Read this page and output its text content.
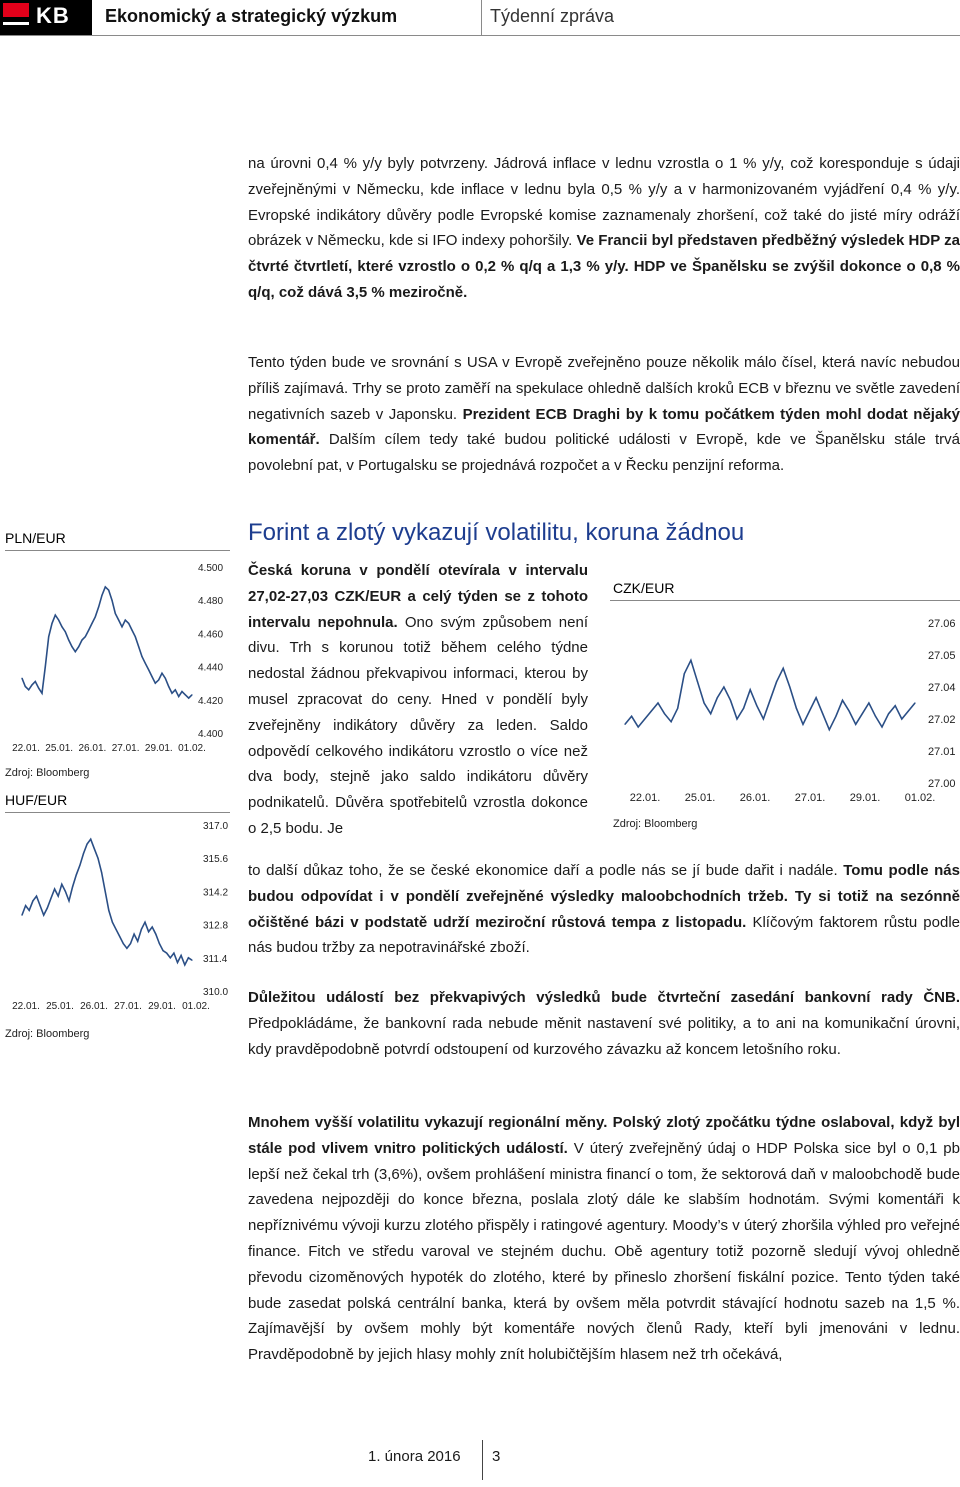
KB Ekonomický a strategický výzkum	Týdenní zpráva
na úrovni 0,4 % y/y byly potvrzeny. Jádrová inflace v lednu vzrostla o 1 % y/y, což koresponduje s údaji zveřejněnými v Německu, kde inflace v lednu byla 0,5 % y/y a v harmonizovaném vyjádření 0,4 % y/y. Evropské indikátory důvěry podle Evropské komise zaznamenaly zhoršení, což také do jisté míry odráží obrázek v Německu, kde si IFO indexy pohoršily. Ve Francii byl představen předběžný výsledek HDP za čtvrté čtvrtletí, které vzrostlo o 0,2 % q/q a 1,3 % y/y. HDP ve Španělsku se zvýšil dokonce o 0,8 % q/q, což dává 3,5 % meziročně.
Tento týden bude ve srovnání s USA v Evropě zveřejněno pouze několik málo čísel, která navíc nebudou příliš zajímavá. Trhy se proto zaměří na spekulace ohledně dalších kroků ECB v březnu ve světle zavedení negativních sazeb v Japonsku. Prezident ECB Draghi by k tomu počátkem týden mohl dodat nějaký komentář. Dalším cílem tedy také budou politické události v Evropě, kde ve Španělsku stále trvá povolební pat, v Portugalsku se projednává rozpočet a v Řecku penzijní reforma.
Forint a zlotý vykazují volatilitu, koruna žádnou
Česká koruna v pondělí otevírala v intervalu 27,02-27,03 CZK/EUR a celý týden se z tohoto intervalu nepohnula. Ono svým způsobem není divu. Trh s korunou totiž během celého týdne nedostal žádnou překvapivou informaci, kterou by musel zpracovat do ceny. Hned v pondělí byly zveřejněny indikátory důvěry za leden. Saldo odpovědí celkového indikátoru vzrostlo o více než dva body, stejně jako saldo indikátoru důvěry podnikatelů. Důvěra spotřebitelů vzrostla dokonce o 2,5 bodu. Je
to další důkaz toho, že se české ekonomice daří a podle nás se jí bude dařit i nadále. Tomu podle nás budou odpovídat i v pondělí zveřejněné výsledky maloobchodních tržeb. Ty si totiž na sezónně očištěné bázi v podstatě udrží meziroční růstová tempa z listopadu. Klíčovým faktorem růstu podle nás budou tržby za nepotravinářské zboží.
Důležitou událostí bez překvapivých výsledků bude čtvrteční zasedání bankovní rady ČNB. Předpokládáme, že bankovní rada nebude měnit nastavení své politiky, a to ani na komunikační úrovni, kdy pravděpodobně potvrdí odstoupení od kurzového závazku až koncem letošního roku.
Mnohem vyšší volatilitu vykazují regionální měny. Polský zlotý zpočátku týdne oslaboval, když byl stále pod vlivem vnitro politických událostí. V úterý zveřejněný údaj o HDP Polska sice byl o 0,1 pb lepší než čekal trh (3,6%), ovšem prohlášení ministra financí o tom, že sektorová daň v maloobchodě bude zavedena nejpozději do konce března, poslala zlotý dále ke slabším hodnotám. Svými komentáři k nepříznivému vývoji kurzu zlotého přispěly i ratingové agentury. Moody’s v úterý zhoršila výhled pro veřejné finance. Fitch ve středu varoval ve stejném duchu. Obě agentury totiž pozorně sledují vývoj ohledně převodu cizoměnových hypoték do zlotého, které by přineslo zhoršení fiskální pozice. Tento týden také bude zasedat polská centrální banka, která by ovšem měla potvrdit stávající hodnotu sazeb na 1,5 %. Zajímavější by ovšem mohly být komentáře nových členů Rady, kteří byli jmenováni v lednu. Pravděpodobně by jejich hlasy mohly znít holubičtějším hlasem než trh očekává,
PLN/EUR
4.500
4.480
4.460
4.440
4.420
4.400
22.01. 25.01. 26.01. 27.01. 29.01. 01.02.
Zdroj: Bloomberg
HUF/EUR
317.0
315.6
314.2
312.8
311.4
310.0
22.01. 25.01. 26.01. 27.01. 29.01. 01.02.
Zdroj: Bloomberg
CZK/EUR
27.06
27.05
27.04
27.02
27.01
27.00
22.01. 25.01. 26.01. 27.01. 29.01. 01.02.
Zdroj: Bloomberg
1. února 2016 3
